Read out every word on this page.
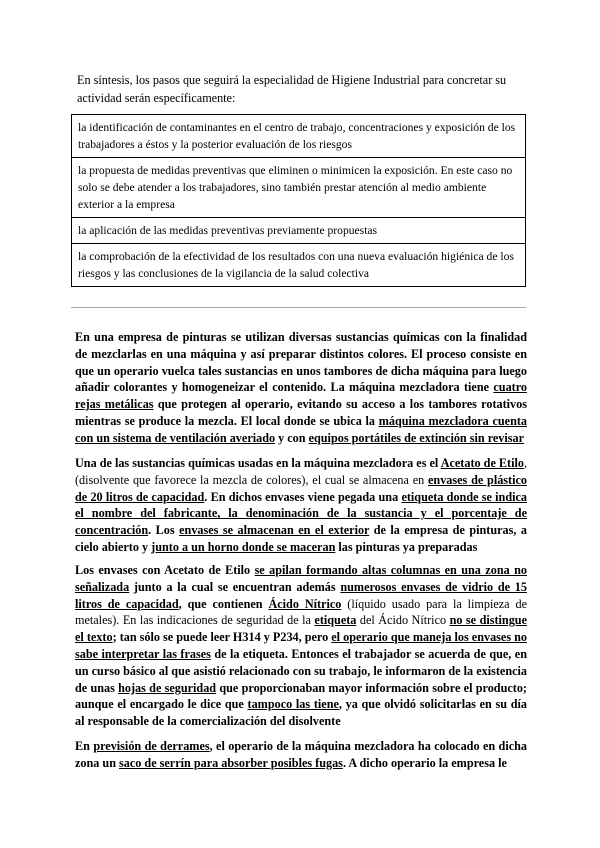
En síntesis, los pasos que seguirá la especialidad de Higiene Industrial para concretar su actividad serán específicamente:
la identificación de contaminantes en el centro de trabajo, concentraciones y exposición de los trabajadores a éstos y la posterior evaluación de los riesgos
la propuesta de medidas preventivas que eliminen o minimicen la exposición. En este caso no solo se debe atender a los trabajadores, sino también prestar atención al medio ambiente exterior a la empresa
la aplicación de las medidas preventivas previamente propuestas
la comprobación de la efectividad de los resultados con una nueva evaluación higiénica de los riesgos y las conclusiones de la vigilancia de la salud colectiva

En una empresa de pinturas se utilizan diversas sustancias químicas con la finalidad de mezclarlas en una máquina y así preparar distintos colores. El proceso consiste en que un operario vuelca tales sustancias en unos tambores de dicha máquina para luego añadir colorantes y homogeneizar el contenido. La máquina mezcladora tiene cuatro rejas metálicas que protegen al operario, evitando su acceso a los tambores rotativos mientras se produce la mezcla. El local donde se ubica la máquina mezcladora cuenta con un sistema de ventilación averiado y con equipos portátiles de extinción sin revisar

Una de las sustancias químicas usadas en la máquina mezcladora es el Acetato de Etilo, (disolvente que favorece la mezcla de colores), el cual se almacena en envases de plástico de 20 litros de capacidad. En dichos envases viene pegada una etiqueta donde se indica el nombre del fabricante, la denominación de la sustancia y el porcentaje de concentración. Los envases se almacenan en el exterior de la empresa de pinturas, a cielo abierto y junto a un horno donde se maceran las pinturas ya preparadas

Los envases con Acetato de Etilo se apilan formando altas columnas en una zona no señalizada junto a la cual se encuentran además numerosos envases de vidrio de 15 litros de capacidad, que contienen Ácido Nítrico (líquido usado para la limpieza de metales). En las indicaciones de seguridad de la etiqueta del Ácido Nítrico no se distingue el texto; tan sólo se puede leer H314 y P234, pero el operario que maneja los envases no sabe interpretar las frases de la etiqueta. Entonces el trabajador se acuerda de que, en un curso básico al que asistió relacionado con su trabajo, le informaron de la existencia de unas hojas de seguridad que proporcionaban mayor información sobre el producto; aunque el encargado le dice que tampoco las tiene, ya que olvidó solicitarlas en su día al responsable de la comercialización del disolvente

En previsión de derrames, el operario de la máquina mezcladora ha colocado en dicha zona un saco de serrín para absorber posibles fugas. A dicho operario la empresa le
